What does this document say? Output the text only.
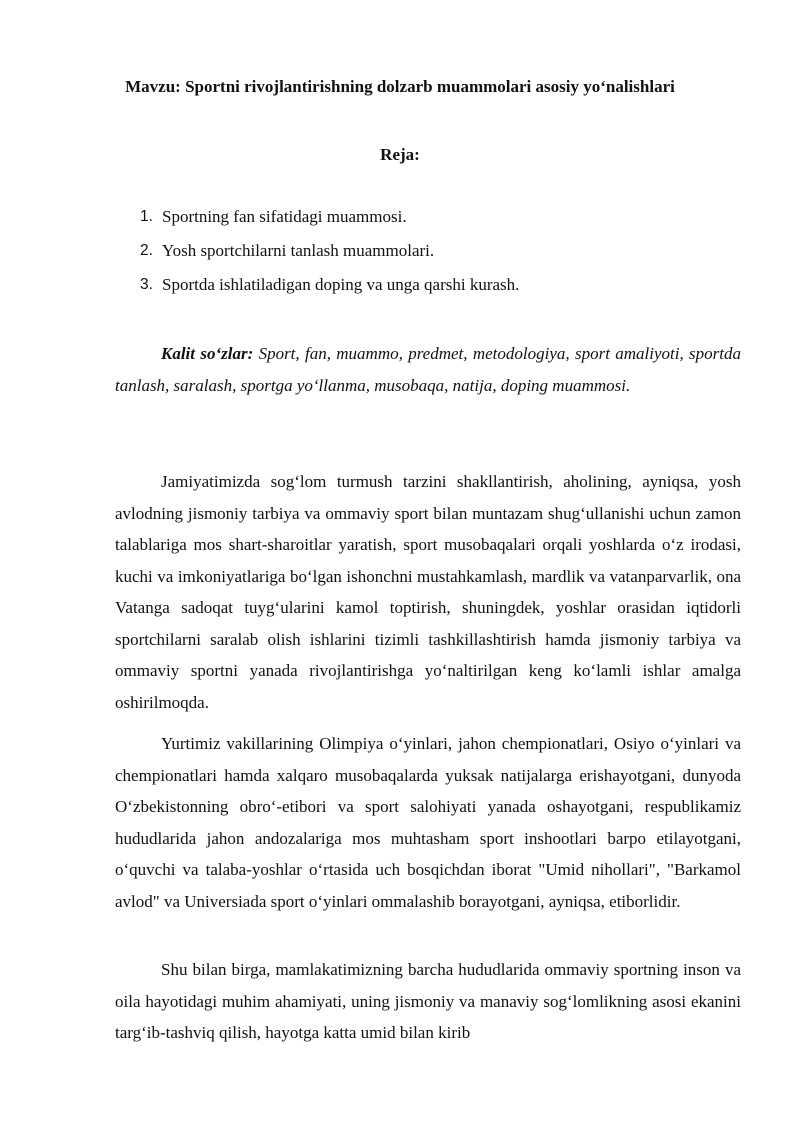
Mavzu: Sportni rivojlantirishning dolzarb muammolari asosiy yo‘nalishlari
Reja:
1. Sportning fan sifatidagi muammosi.
2. Yosh sportchilarni tanlash muammolari.
3. Sportda ishlatiladigan doping va unga qarshi kurash.

Kalit so‘zlar: Sport, fan, muammo, predmet, metodologiya, sport amaliyoti, sportda tanlash, saralash, sportga yo‘llanma, musobaqa, natija, doping muammosi.

Jamiyatimizda sog‘lom turmush tarzini shakllantirish, aholining, ayniqsa, yosh avlodning jismoniy tarbiya va ommaviy sport bilan muntazam shug‘ullanishi uchun zamon talablariga mos shart-sharoitlar yaratish, sport musobaqalari orqali yoshlarda o‘z irodasi, kuchi va imkoniyatlariga bo‘lgan ishonchni mustahkamlash, mardlik va vatanparvarlik, ona Vatanga sadoqat tuyg‘ularini kamol toptirish, shuningdek, yoshlar orasidan iqtidorli sportchilarni saralab olish ishlarini tizimli tashkillashtirish hamda jismoniy tarbiya va ommaviy sportni yanada rivojlantirishga yo‘naltirilgan keng ko‘lamli ishlar amalga oshirilmoqda.

Yurtimiz vakillarining Olimpiya o‘yinlari, jahon chempionatlari, Osiyo o‘yinlari va chempionatlari hamda xalqaro musobaqalarda yuksak natijalarga erishayotgani, dunyoda O‘zbekistonning obro‘-etibori va sport salohiyati yanada oshayotgani, respublikamiz hududlarida jahon andozalariga mos muhtasham sport inshootlari barpo etilayotgani, o‘quvchi va talaba-yoshlar o‘rtasida uch bosqichdan iborat "Umid nihollari", "Barkamol avlod" va Universiada sport o‘yinlari ommalashib borayotgani, ayniqsa, etiborlidir.

Shu bilan birga, mamlakatimizning barcha hududlarida ommaviy sportning inson va oila hayotidagi muhim ahamiyati, uning jismoniy va manaviy sog‘lomlikning asosi ekanini targ‘ib-tashviq qilish, hayotga katta umid bilan kirib
